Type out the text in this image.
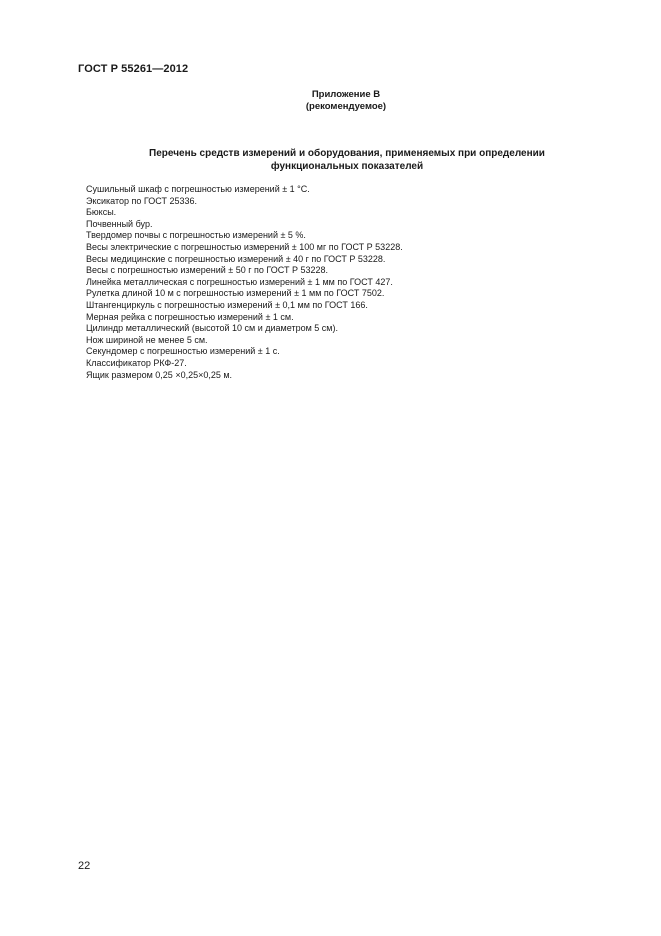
ГОСТ Р 55261—2012
Приложение В
(рекомендуемое)
Перечень средств измерений и оборудования, применяемых при определении
функциональных показателей
Сушильный шкаф с погрешностью измерений ± 1 °С.
Эксикатор по ГОСТ 25336.
Бюксы.
Почвенный бур.
Твердомер почвы с погрешностью измерений ± 5 %.
Весы электрические с погрешностью измерений ± 100 мг по ГОСТ Р 53228.
Весы медицинские с погрешностью измерений ± 40 г по ГОСТ Р 53228.
Весы с погрешностью измерений ± 50 г по ГОСТ Р 53228.
Линейка металлическая с погрешностью измерений ± 1 мм по ГОСТ 427.
Рулетка длиной 10 м с погрешностью измерений ± 1 мм по ГОСТ 7502.
Штангенциркуль с погрешностью измерений ± 0,1 мм по ГОСТ 166.
Мерная рейка с погрешностью измерений ± 1 см.
Цилиндр металлический (высотой 10 см и диаметром 5 см).
Нож шириной не менее 5 см.
Секундомер с погрешностью измерений ± 1 с.
Классификатор РКФ-27.
Ящик размером 0,25 ×0,25×0,25 м.
22
